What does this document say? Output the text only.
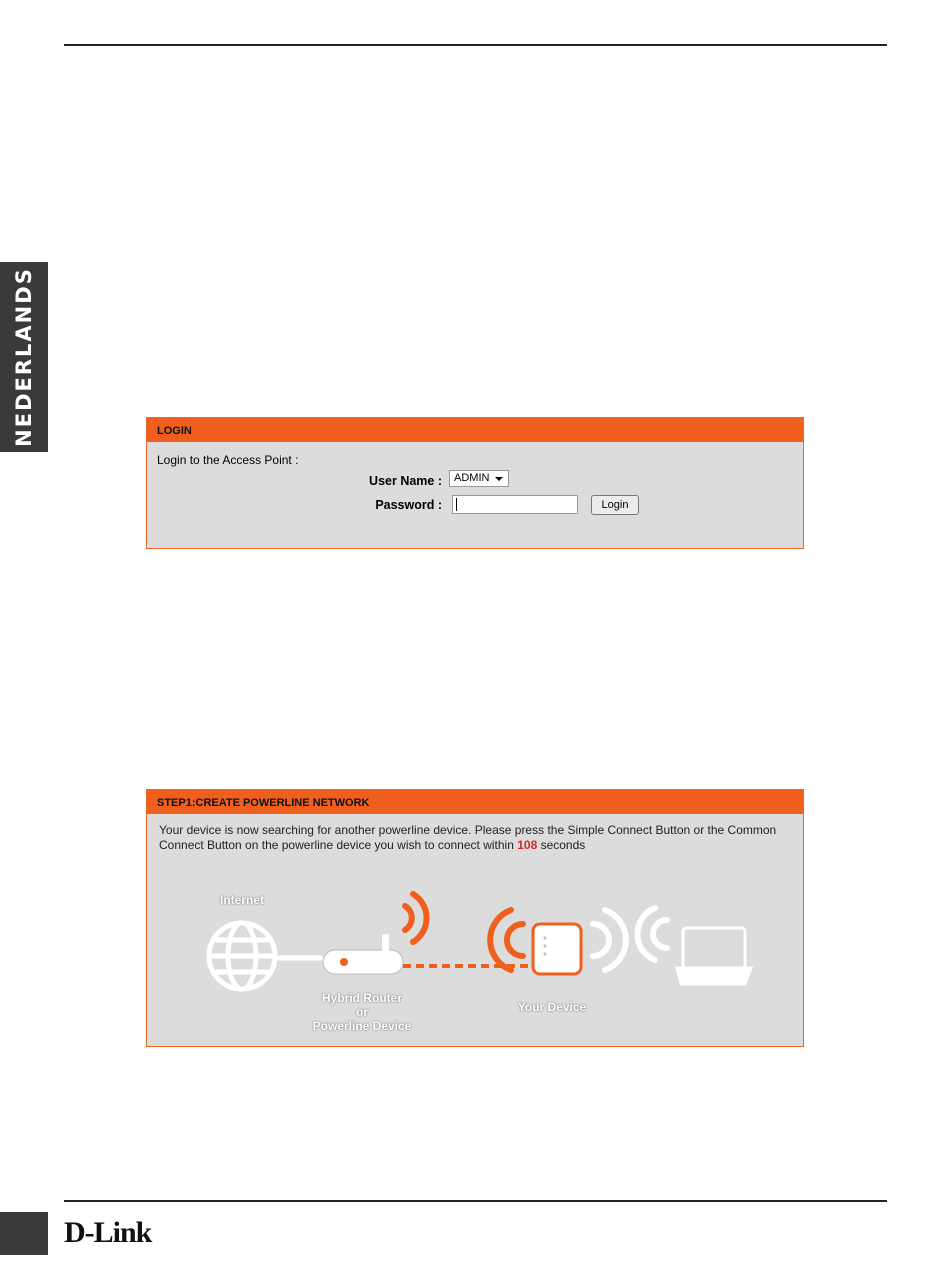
NEDERLANDS	LOGIN
Login to the Access Point :
User Name :	ADMIN
Password :	Login
STEP1:CREATE POWERLINE NETWORK
Your device is now searching for another powerline device. Please press the Simple Connect Button or the Common Connect Button on the powerline device you wish to connect within 108 seconds
Internet
Hybrid Router
or
Powerline Device
Your Device
D-Link
